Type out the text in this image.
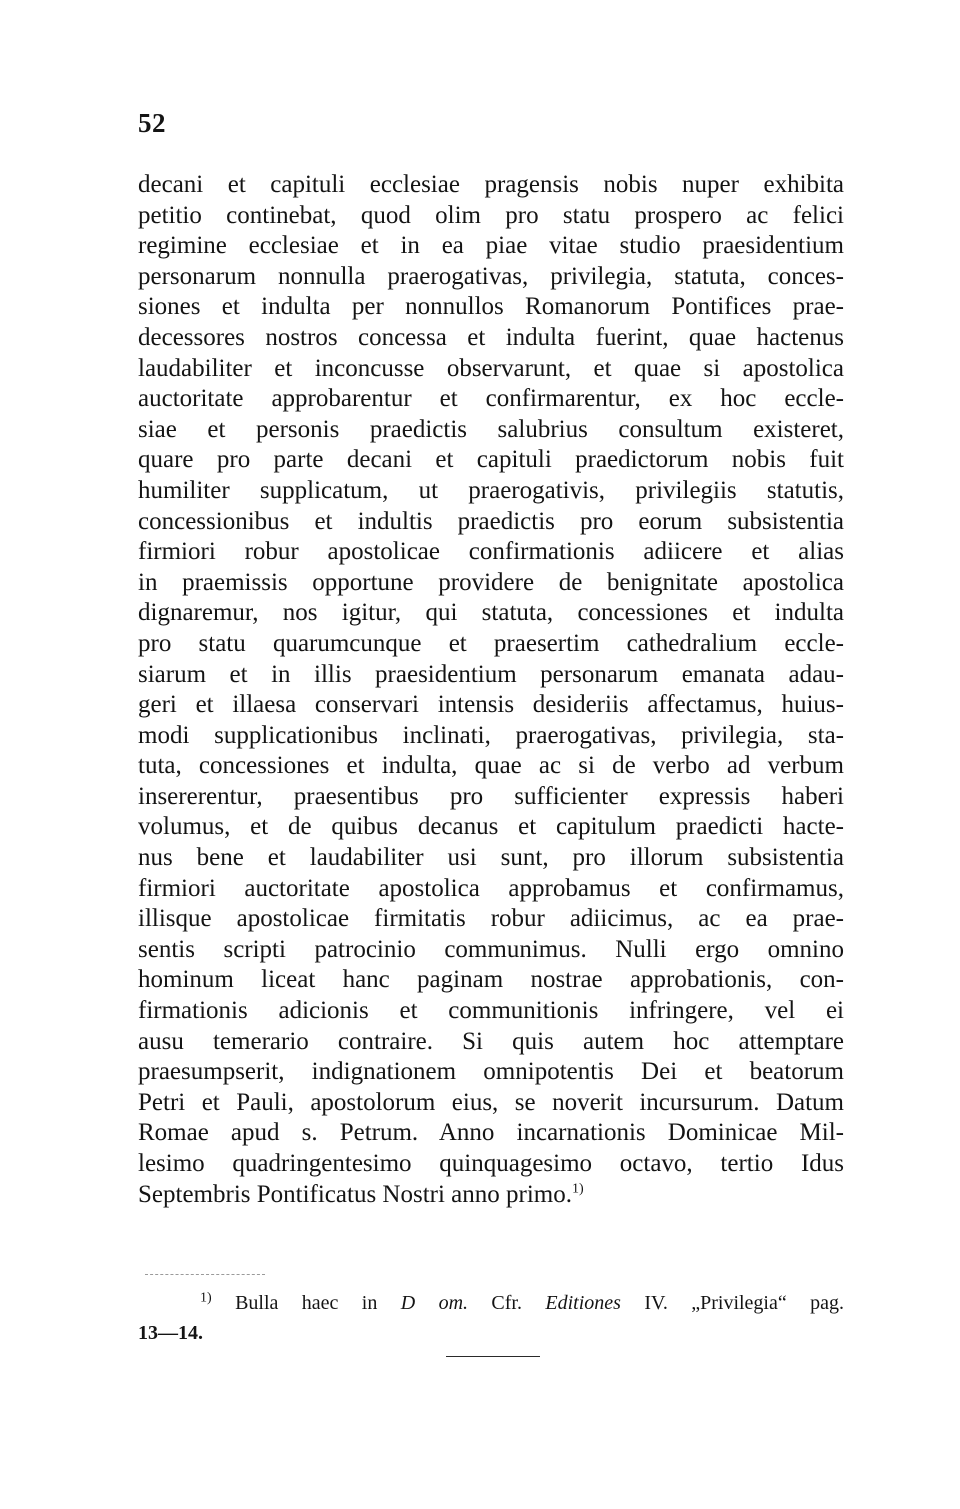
52
decani et capituli ecclesiae pragensis nobis nuper exhibita
petitio continebat, quod olim pro statu prospero ac felici
regimine ecclesiae et in ea piae vitae studio praesidentium
personarum nonnulla praerogativas, privilegia, statuta, conces-
siones et indulta per nonnullos Romanorum Pontifices prae-
decessores nostros concessa et indulta fuerint, quae hactenus
laudabiliter et inconcusse observarunt, et quae si apostolica
auctoritate approbarentur et confirmarentur, ex hoc eccle-
siae et personis praedictis salubrius consultum existeret,
quare pro parte decani et capituli praedictorum nobis fuit
humiliter supplicatum, ut praerogativis, privilegiis statutis,
concessionibus et indultis praedictis pro eorum subsistentia
firmiori robur apostolicae confirmationis adiicere et alias
in praemissis opportune providere de benignitate apostolica
dignaremur, nos igitur, qui statuta, concessiones et indulta
pro statu quarumcunque et praesertim cathedralium eccle-
siarum et in illis praesidentium personarum emanata adau-
geri et illaesa conservari intensis desideriis affectamus, huius-
modi supplicationibus inclinati, praerogativas, privilegia, sta-
tuta, concessiones et indulta, quae ac si de verbo ad verbum
insererentur, praesentibus pro sufficienter expressis haberi
volumus, et de quibus decanus et capitulum praedicti hacte-
nus bene et laudabiliter usi sunt, pro illorum subsistentia
firmiori auctoritate apostolica approbamus et confirmamus,
illisque apostolicae firmitatis robur adiicimus, ac ea prae-
sentis scripti patrocinio communimus. Nulli ergo omnino
hominum liceat hanc paginam nostrae approbationis, con-
firmationis adicionis et communitionis infringere, vel ei
ausu temerario contraire. Si quis autem hoc attemptare
praesumpserit, indignationem omnipotentis Dei et beatorum
Petri et Pauli, apostolorum eius, se noverit incursurum. Datum
Romae apud s. Petrum. Anno incarnationis Dominicae Mil-
lesimo quadringentesimo quinquagesimo octavo, tertio Idus
Septembris Pontificatus Nostri anno primo.$^{1)}$
$^{1)}$ Bulla haec in D om. Cfr. Editiones IV. „Privilegia“ pag.
13—14.
